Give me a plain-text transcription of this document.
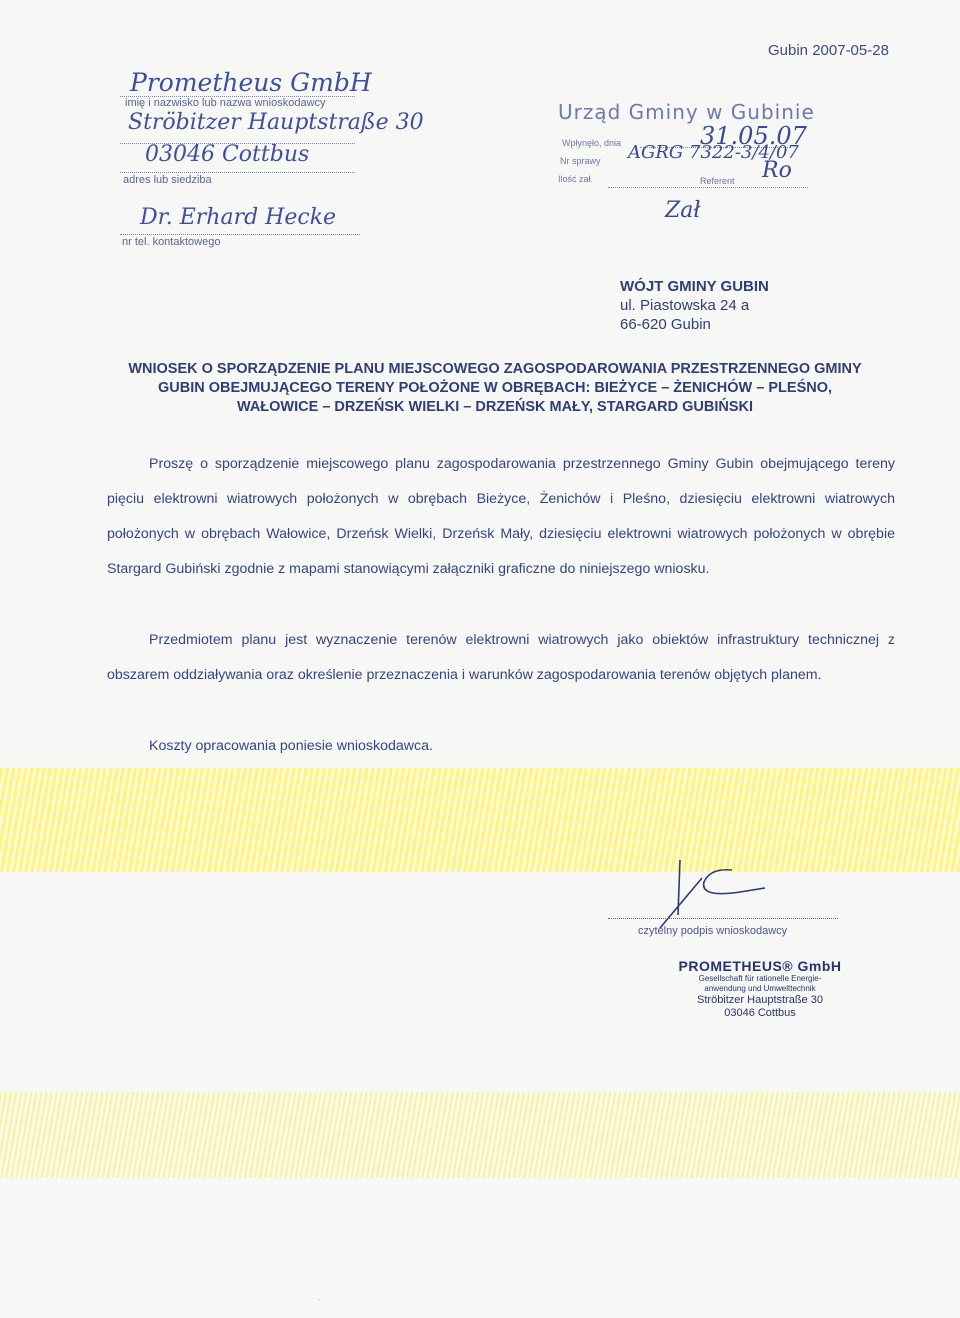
Gubin 2007-05-28
Prometheus GmbH
imię i nazwisko lub nazwa wnioskodawcy
Ströbitzer Hauptstraße 30
03046 Cottbus
adres lub siedziba
Dr. Erhard Hecke
nr tel. kontaktowego
Urząd Gminy w Gubinie
Wpłynęło, dnia	31.05.07
Nr sprawy AGRG 7322-3/4/07
Ilość zał.	Referent Ro
Zał
WÓJT GMINY GUBIN
ul. Piastowska 24 a
66-620 Gubin
WNIOSEK O SPORZĄDZENIE PLANU MIEJSCOWEGO ZAGOSPODAROWANIA PRZESTRZENNEGO GMINY
GUBIN OBEJMUJĄCEGO TERENY POŁOŻONE W OBRĘBACH: BIEŻYCE – ŻENICHÓW – PLEŚNO,
WAŁOWICE – DRZEŃSK WIELKI – DRZEŃSK MAŁY, STARGARD GUBIŃSKI
Proszę o sporządzenie miejscowego planu zagospodarowania przestrzennego Gminy Gubin obejmującego tereny pięciu elektrowni wiatrowych położonych w obrębach Bieżyce, Żenichów i Pleśno, dziesięciu elektrowni wiatrowych położonych w obrębach Wałowice, Drzeńsk Wielki, Drzeńsk Mały, dziesięciu elektrowni wiatrowych położonych w obrębie Stargard Gubiński zgodnie z mapami stanowiącymi załączniki graficzne do niniejszego wniosku.
Przedmiotem planu jest wyznaczenie terenów elektrowni wiatrowych jako obiektów infrastruktury technicznej z obszarem oddziaływania oraz określenie przeznaczenia i warunków zagospodarowania terenów objętych planem.
Koszty opracowania poniesie wnioskodawca.
czytelny podpis wnioskodawcy
PROMETHEUS® GmbH
Gesellschaft für rationelle Energie-
anwendung und Umwelttechnik
Ströbitzer Hauptstraße 30
03046 Cottbus
-
